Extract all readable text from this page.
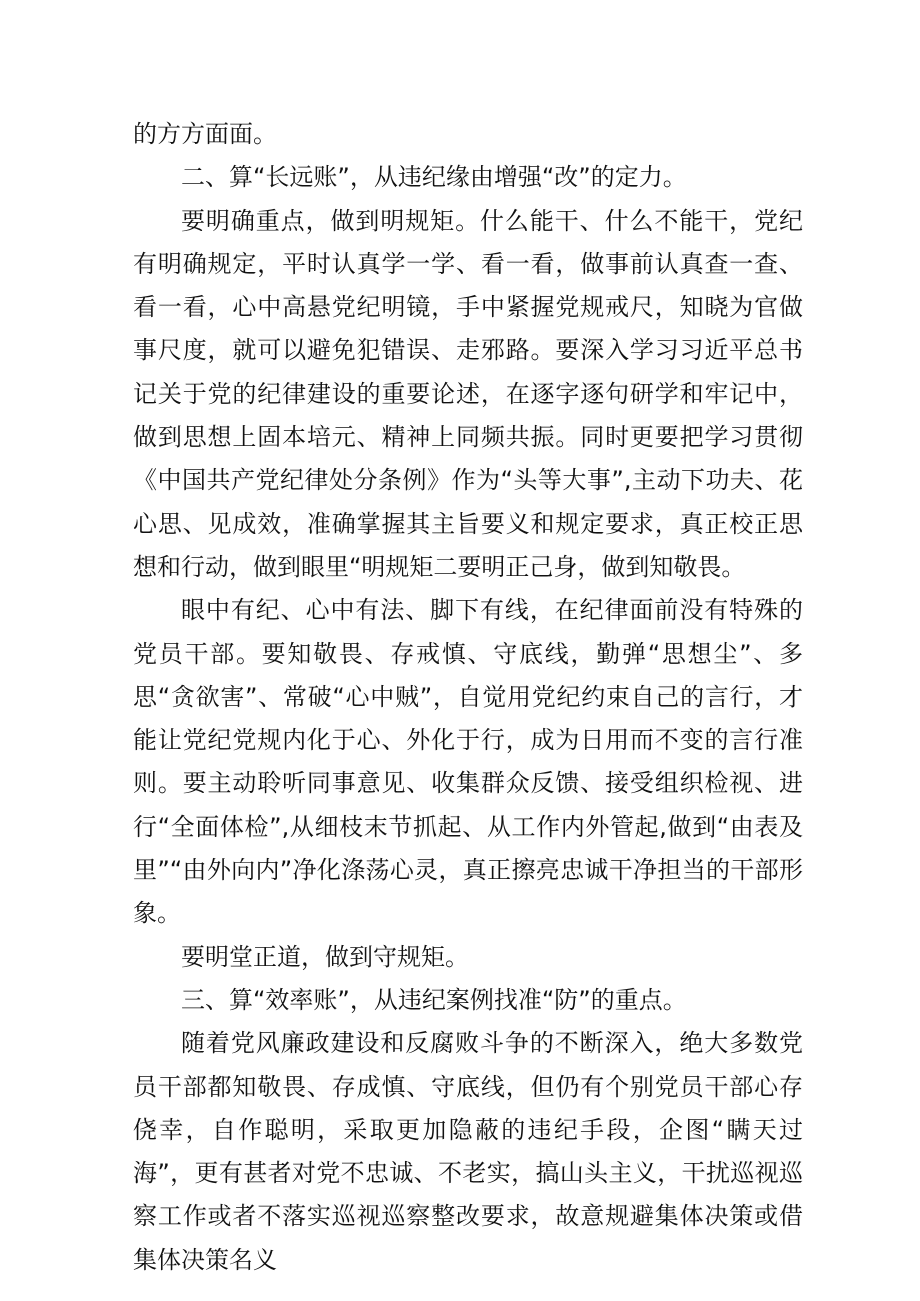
的方方面面。

二、算“长远账”，从违纪缘由增强“改”的定力。

要明确重点，做到明规矩。什么能干、什么不能干，党纪有明确规定，平时认真学一学、看一看，做事前认真查一查、看一看，心中高悬党纪明镜，手中紧握党规戒尺，知晓为官做事尺度，就可以避免犯错误、走邪路。要深入学习习近平总书记关于党的纪律建设的重要论述，在逐字逐句研学和牢记中，做到思想上固本培元、精神上同频共振。同时更要把学习贯彻《中国共产党纪律处分条例》作为“头等大事”,主动下功夫、花心思、见成效，准确掌握其主旨要义和规定要求，真正校正思想和行动，做到眼里“明规矩二要明正己身，做到知敬畏。

眼中有纪、心中有法、脚下有线，在纪律面前没有特殊的党员干部。要知敬畏、存戒慎、守底线，勤弹“思想尘”、多思“贪欲害”、常破“心中贼”，自觉用党纪约束自己的言行，才能让党纪党规内化于心、外化于行，成为日用而不变的言行准则。要主动聆听同事意见、收集群众反馈、接受组织检视、进行“全面体检”,从细枝末节抓起、从工作内外管起,做到“由表及里”“由外向内”净化涤荡心灵，真正擦亮忠诚干净担当的干部形象。

要明堂正道，做到守规矩。

三、算“效率账”，从违纪案例找准“防”的重点。

随着党风廉政建设和反腐败斗争的不断深入，绝大多数党员干部都知敬畏、存成慎、守底线，但仍有个别党员干部心存侥幸，自作聪明，采取更加隐蔽的违纪手段，企图“瞒天过海”，更有甚者对党不忠诚、不老实，搞山头主义，干扰巡视巡察工作或者不落实巡视巡察整改要求，故意规避集体决策或借集体决策名义
